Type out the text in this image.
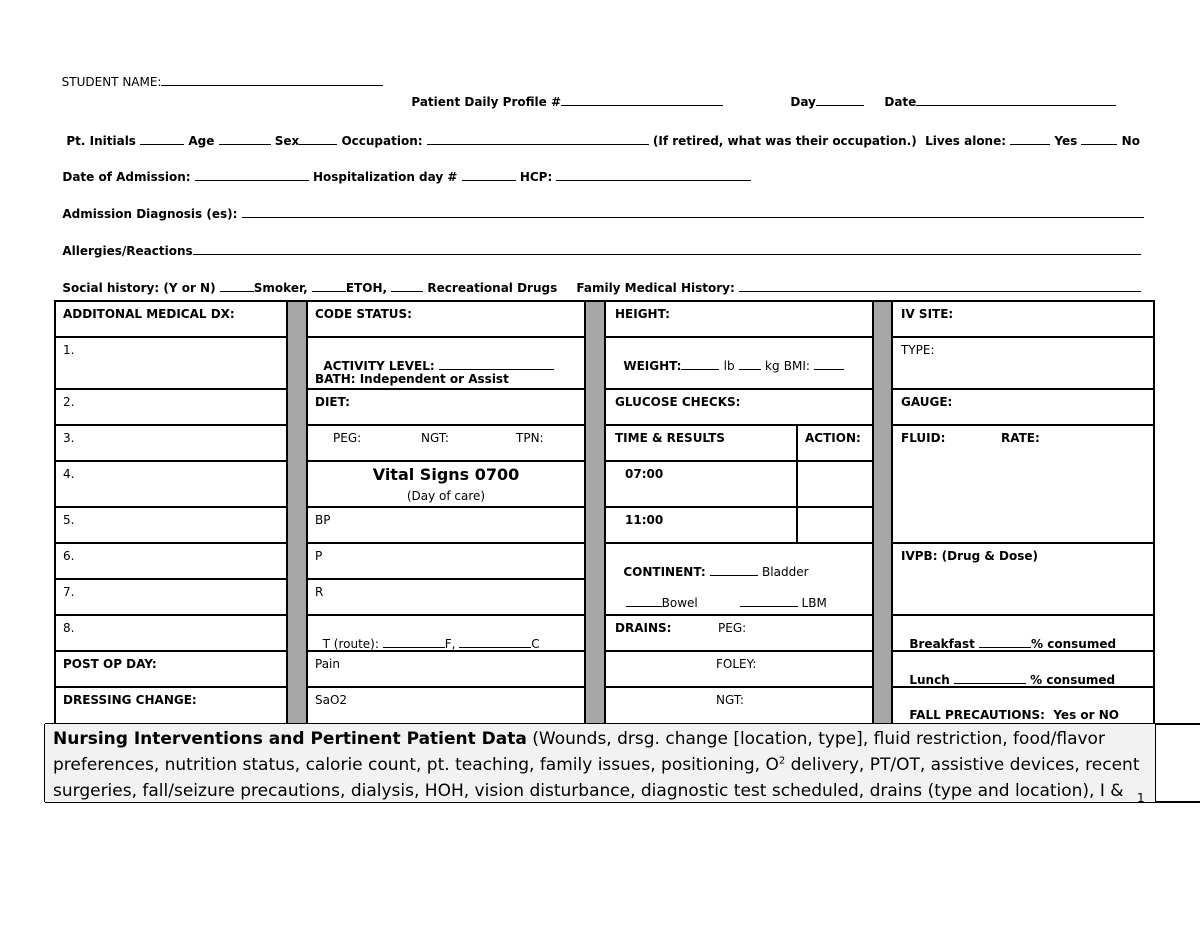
STUDENT NAME:

Patient Daily Profile #	Day	Date

Pt. Initials	Age	Sex	Occupation:	(If retired, what was their occupation.) Lives alone:	Yes	No

Date of Admission:	Hospitalization day #	HCP:

Admission Diagnosis (es):

Allergies/Reactions

Social history: (Y or N)	Smoker,	ETOH,	Recreational Drugs	Family Medical History:

ADDITONAL MEDICAL DX:
1.
2.
3.
4.
5.
6.
7.
8.
POST OP DAY:
DRESSING CHANGE:
CODE STATUS:

ACTIVITY LEVEL:

BATH: Independent or Assist
DIET:
PEG:	NGT:	TPN:
Vital Signs 0700
(Day of care)
BP
P
R

T (route):	F,	C

Pain
SaO2
HEIGHT:

WEIGHT:	lb	kg BMI:

GLUCOSE CHECKS:
TIME & RESULTS	ACTION:
07:00
11:00

CONTINENT:	Bladder

Bowel	LBM

DRAINS:	PEG:
FOLEY:
NGT:
IV SITE:
TYPE:
GAUGE:
FLUID:	RATE:
IVPB: (Drug & Dose)

Breakfast	% consumed

Lunch	% consumed

FALL PRECAUTIONS: Yes or NO

Nursing Interventions and Pertinent Patient Data (Wounds, drsg. change [location, type], fluid restriction, food/flavor preferences, nutrition status, calorie count, pt. teaching, family issues, positioning, $O^2$ delivery, PT/OT, assistive devices, recent surgeries, fall/seizure precautions, dialysis, HOH, vision disturbance, diagnostic test scheduled, drains (type and location), I &	1
